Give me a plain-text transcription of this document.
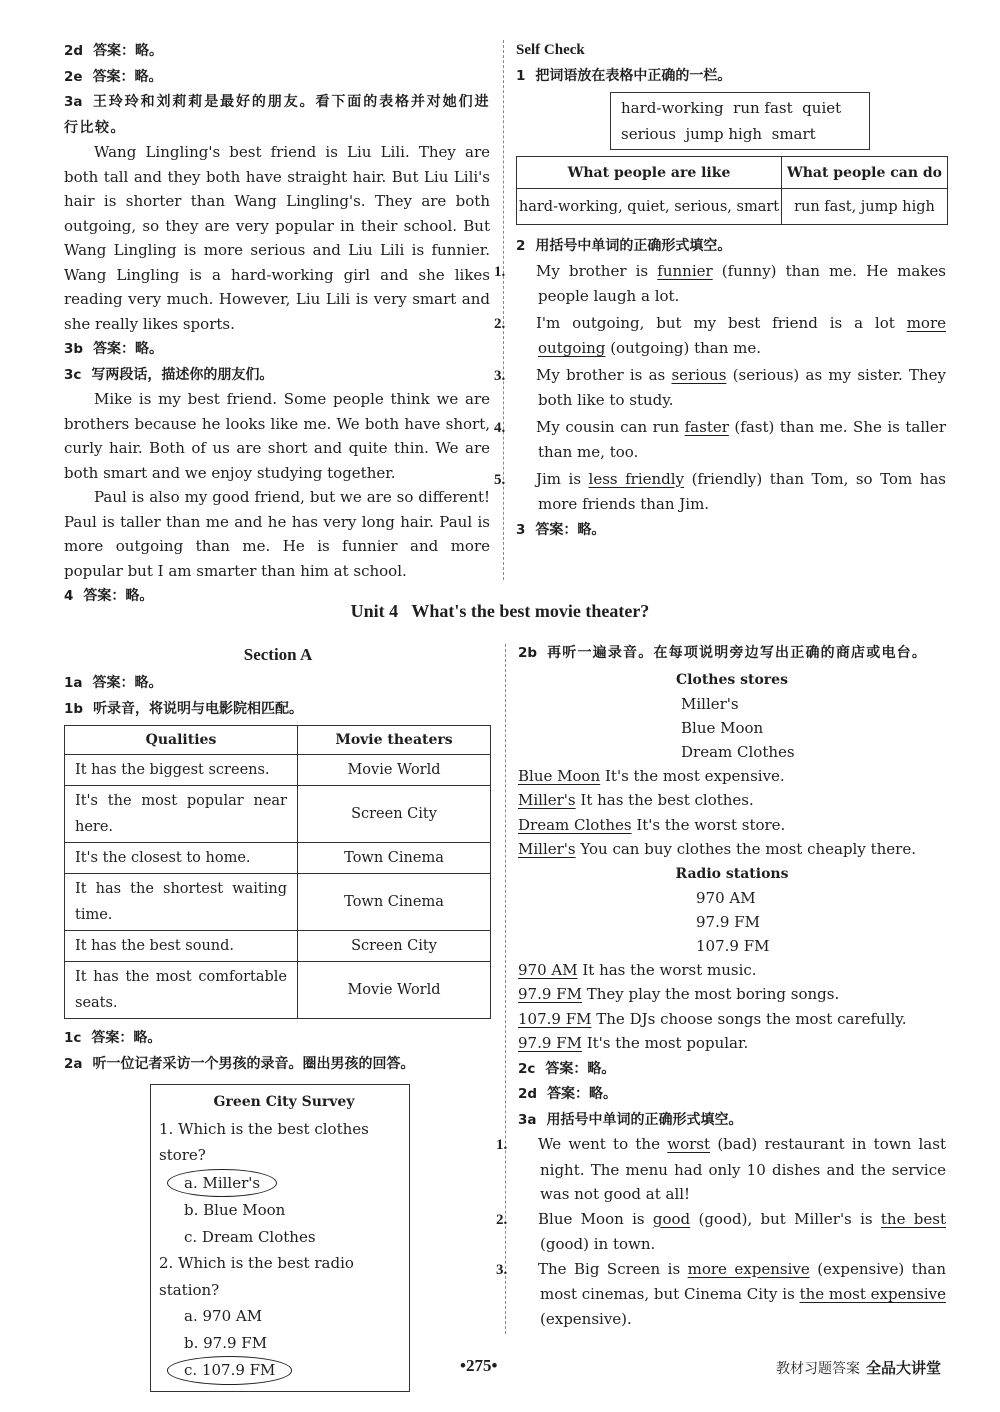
2d 答案：略。
2e 答案：略。
3a 王玲玲和刘莉莉是最好的朋友。看下面的表格并对她们进行比较。
Wang Lingling's best friend is Liu Lili. They are both tall and they both have straight hair. But Liu Lili's hair is shorter than Wang Lingling's. They are both outgoing, so they are very popular in their school. But Wang Lingling is more serious and Liu Lili is funnier. Wang Lingling is a hard-working girl and she likes reading very much. However, Liu Lili is very smart and she really likes sports.
3b 答案：略。
3c 写两段话，描述你的朋友们。
Mike is my best friend. Some people think we are brothers because he looks like me. We both have short, curly hair. Both of us are short and quite thin. We are both smart and we enjoy studying together.
Paul is also my good friend, but we are so different! Paul is taller than me and he has very long hair. Paul is more outgoing than me. He is funnier and more popular but I am smarter than him at school.
4 答案：略。
Self Check
1 把词语放在表格中正确的一栏。
hard-working  run fast  quiet
serious  jump high  smart
What people are like	What people can do
hard-working, quiet, serious, smart	run fast, jump high
2 用括号中单词的正确形式填空。
1. My brother is funnier (funny) than me. He makes people laugh a lot.
2. I'm outgoing, but my best friend is a lot more outgoing (outgoing) than me.
3. My brother is as serious (serious) as my sister. They both like to study.
4. My cousin can run faster (fast) than me. She is taller than me, too.
5. Jim is less friendly (friendly) than Tom, so Tom has more friends than Jim.
3 答案：略。
Unit 4   What's the best movie theater?
Section A
1a 答案：略。
1b 听录音，将说明与电影院相匹配。
Qualities	Movie theaters
It has the biggest screens.	Movie World
It's the most popular near here.	Screen City
It's the closest to home.	Town Cinema
It has the shortest waiting time.	Town Cinema
It has the best sound.	Screen City
It has the most comfortable seats.	Movie World
1c 答案：略。
2a 听一位记者采访一个男孩的录音。圈出男孩的回答。
Green City Survey
1. Which is the best clothes store?
a. Miller's
b. Blue Moon
c. Dream Clothes
2. Which is the best radio station?
a. 970 AM
b. 97.9 FM
c. 107.9 FM
2b 再听一遍录音。在每项说明旁边写出正确的商店或电台。
Clothes stores
Miller's
Blue Moon
Dream Clothes
Blue Moon It's the most expensive.
Miller's It has the best clothes.
Dream Clothes It's the worst store.
Miller's You can buy clothes the most cheaply there.
Radio stations
970 AM
97.9 FM
107.9 FM
970 AM It has the worst music.
97.9 FM They play the most boring songs.
107.9 FM The DJs choose songs the most carefully.
97.9 FM It's the most popular.
2c 答案：略。
2d 答案：略。
3a 用括号中单词的正确形式填空。
1. We went to the worst (bad) restaurant in town last night. The menu had only 10 dishes and the service was not good at all!
2. Blue Moon is good (good), but Miller's is the best (good) in town.
3. The Big Screen is more expensive (expensive) than most cinemas, but Cinema City is the most expensive (expensive).
•275•	教材习题答案 全品大讲堂
